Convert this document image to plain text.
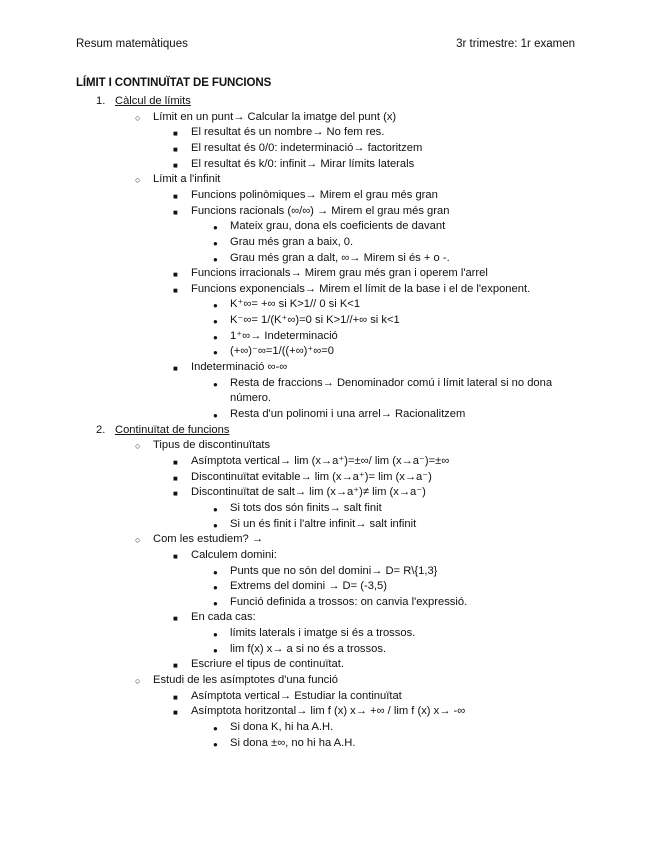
Resum matemàtiques	3r trimestre: 1r examen
LÍMIT I CONTINUÏTAT DE FUNCIONS
1. Càlcul de límits
○ Límit en un punt→ Calcular la imatge del punt (x)
■ El resultat és un nombre→ No fem res.
■ El resultat és 0/0: indeterminació→ factoritzem
■ El resultat és k/0: infinit→ Mirar límits laterals
○ Límit a l'infinit
■ Funcions polinòmiques→ Mirem el grau més gran
■ Funcions racionals (∞/∞) → Mirem el grau més gran
● Mateix grau, dona els coeficients de davant
● Grau més gran a baix, 0.
● Grau més gran a dalt, ∞→ Mirem si és + o -.
■ Funcions irracionals→ Mirem grau més gran i operem l'arrel
■ Funcions exponencials→ Mirem el límit de la base i el de l'exponent.
● K⁺∞= +∞ si K>1// 0 si K<1
● K⁻∞= 1/(K⁺∞)=0 si K>1//+∞ si k<1
● 1⁺∞→ Indeterminació
● (+∞)⁻∞=1/((+∞)⁺∞=0
■ Indeterminació ∞-∞
● Resta de fraccions→ Denominador comú i límit lateral si no dona
número.
● Resta d'un polinomi i una arrel→ Racionalitzem
2. Continuïtat de funcions
○ Tipus de discontinuïtats
■ Asímptota vertical→ lim (x→a⁺)=±∞/ lim (x→a⁻)=±∞
■ Discontinuïtat evitable→ lim (x→a⁺)= lim (x→a⁻)
■ Discontinuïtat de salt→ lim (x→a⁺)≠ lim (x→a⁻)
● Si tots dos són finits→ salt finit
● Si un és finit i l'altre infinit→ salt infinit
○ Com les estudiem? →
■ Calculem domini:
● Punts que no són del domini→ D= R\{1,3}
● Extrems del domini → D= (-3,5)
● Funció definida a trossos: on canvia l'expressió.
■ En cada cas:
● límits laterals i imatge si és a trossos.
● lim f(x) x→ a si no és a trossos.
■ Escriure el tipus de continuïtat.
○ Estudi de les asímptotes d'una funció
■ Asímptota vertical→ Estudiar la continuïtat
■ Asímptota horitzontal→ lim f (x) x→ +∞ / lim f (x) x→ -∞
● Si dona K, hi ha A.H.
● Si dona ±∞, no hi ha A.H.
